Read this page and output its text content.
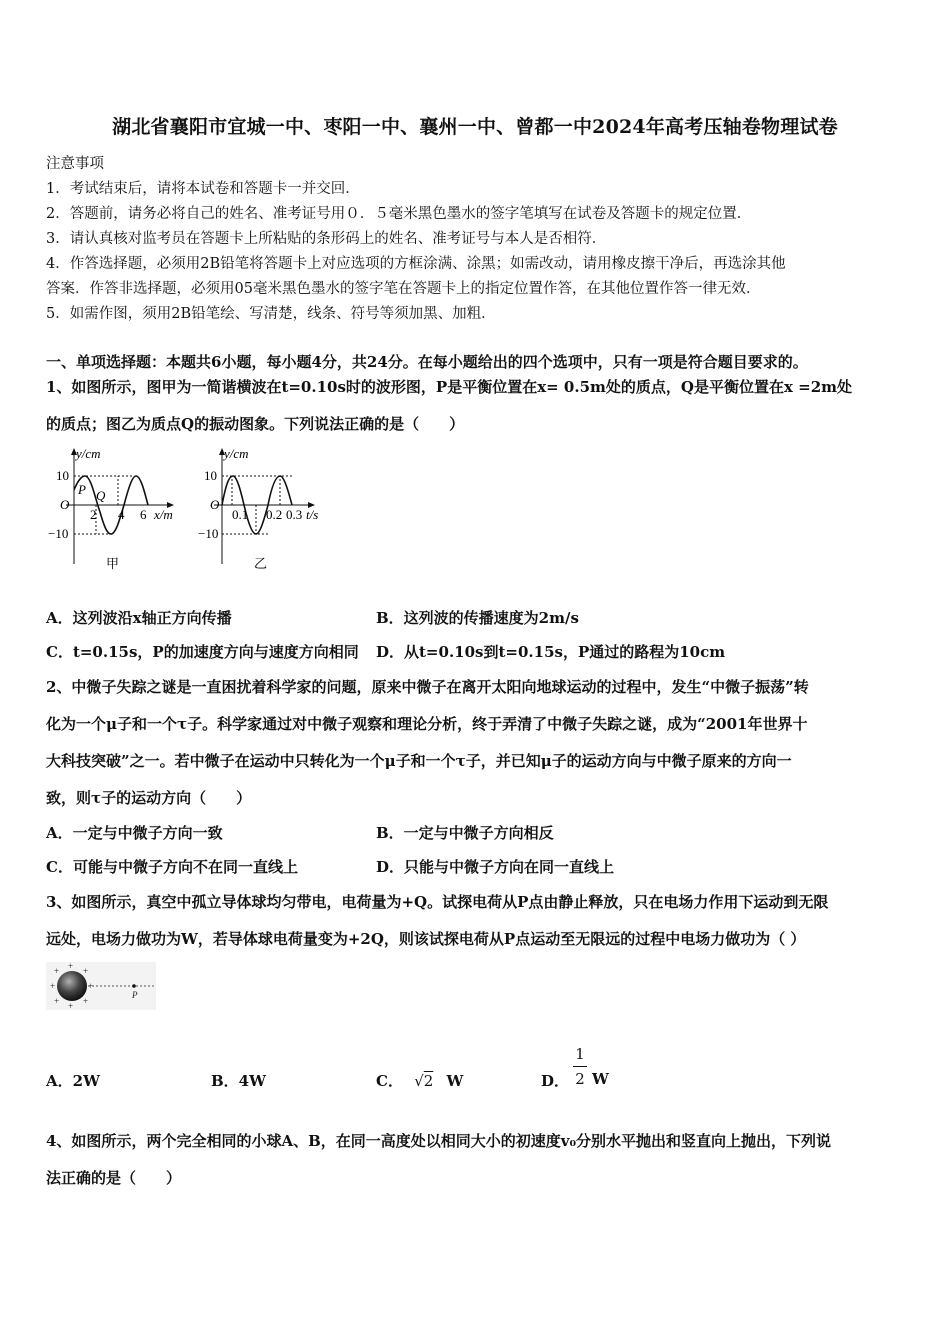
湖北省襄阳市宜城一中、枣阳一中、襄州一中、曾都一中2024年高考压轴卷物理试卷
注意事项
1．考试结束后，请将本试卷和答题卡一并交回．
2．答题前，请务必将自己的姓名、准考证号用０．５毫米黑色墨水的签字笔填写在试卷及答题卡的规定位置．
3．请认真核对监考员在答题卡上所粘贴的条形码上的姓名、准考证号与本人是否相符．
4．作答选择题，必须用2B铅笔将答题卡上对应选项的方框涂满、涂黑；如需改动，请用橡皮擦干净后，再选涂其他
答案．作答非选择题，必须用05毫米黑色墨水的签字笔在答题卡上的指定位置作答，在其他位置作答一律无效．
5．如需作图，须用2B铅笔绘、写清楚，线条、符号等须加黑、加粗．
一、单项选择题：本题共6小题，每小题4分，共24分。在每小题给出的四个选项中，只有一项是符合题目要求的。
1、如图所示，图甲为一简谐横波在t=0.10s时的波形图，P是平衡位置在x= 0.5m处的质点，Q是平衡位置在x =2m处
的质点；图乙为质点Q的振动图象。下列说法正确的是（　　）
y/cm
10
−10
O
P Q
2 4 6 x/m
甲
y/cm
10
−10
O
0.1 0.2 0.3 t/s
乙
A．这列波沿x轴正方向传播	B．这列波的传播速度为2m/s
C．t=0.15s，P的加速度方向与速度方向相同 D．从t=0.10s到t=0.15s，P通过的路程为10cm
2、中微子失踪之谜是一直困扰着科学家的问题，原来中微子在离开太阳向地球运动的过程中，发生“中微子振荡”转
化为一个μ子和一个τ子。科学家通过对中微子观察和理论分析，终于弄清了中微子失踪之谜，成为“2001年世界十
大科技突破”之一。若中微子在运动中只转化为一个μ子和一个τ子，并已知μ子的运动方向与中微子原来的方向一
致，则τ子的运动方向（　　）
A．一定与中微子方向一致	B．一定与中微子方向相反
C．可能与中微子方向不在同一直线上	D．只能与中微子方向在同一直线上
3、如图所示，真空中孤立导体球均匀带电，电荷量为+Q。试探电荷从P点由静止释放，只在电场力作用下运动到无限
远处，电场力做功为W，若导体球电荷量变为+2Q，则该试探电荷从P点运动至无限远的过程中电场力做功为（ ）
+ + +
+	+
+ + +
P
A．2W	B．4W	C． √2 W	D．
1
2 W
4、如图所示，两个完全相同的小球A、B，在同一高度处以相同大小的初速度v₀分别水平抛出和竖直向上抛出，下列说
法正确的是（　　）
